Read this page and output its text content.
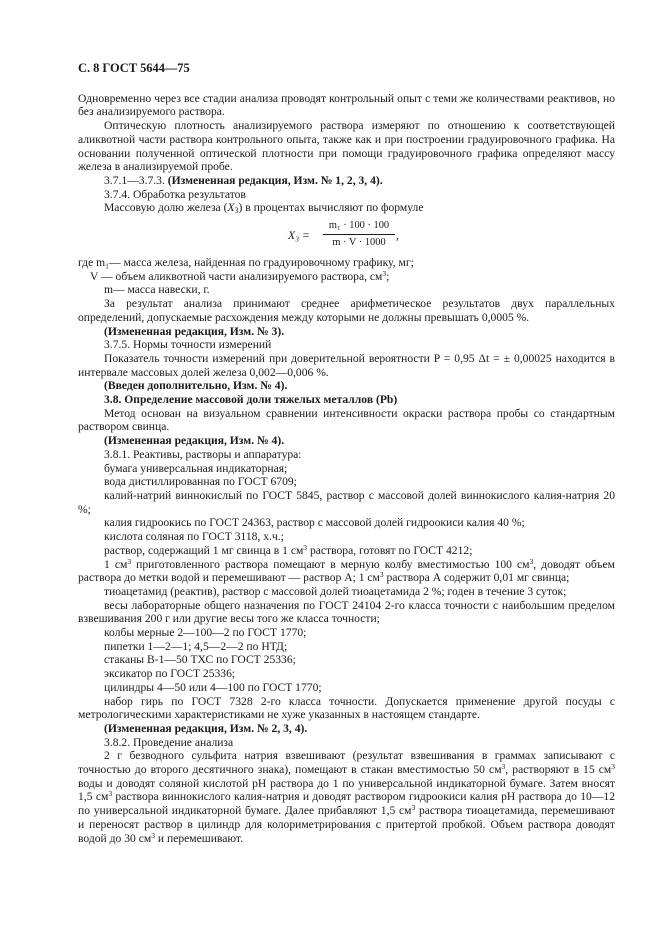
С. 8 ГОСТ 5644—75

Одновременно через все стадии анализа проводят контрольный опыт с теми же количествами реактивов, но без анализируемого раствора.

Оптическую плотность анализируемого раствора измеряют по отношению к соответствующей аликвотной части раствора контрольного опыта, также как и при построении градуировочного графика. На основании полученной оптической плотности при помощи градуировочного графика определяют массу железа в анализируемой пробе.

3.7.1—3.7.3. (Измененная редакция, Изм. № 1, 2, 3, 4).

3.7.4. Обработка результатов

Массовую долю железа $(X_3)$ в процентах вычисляют по формуле

$X_3 = \frac{\text{m₁ · 100 · 100}}{m \cdot V \cdot 1000}$ ,

где m₁— масса железа, найденная по градуировочному графику, мг;

V — объем аликвотной части анализируемого раствора, $см^3$;

m— масса навески, г.

За результат анализа принимают среднее арифметическое результатов двух параллельных определений, допускаемые расхождения между которыми не должны превышать 0,0005 %.

(Измененная редакция, Изм. № 3).

3.7.5. Нормы точности измерений

Показатель точности измерений при доверительной вероятности P = 0,95 Δt = ± 0,00025 находится в интервале массовых долей железа 0,002—0,006 %.

(Введен дополнительно, Изм. № 4).

3.8. Определение массовой доли тяжелых металлов (Pb)

Метод основан на визуальном сравнении интенсивности окраски раствора пробы со стандартным раствором свинца.

(Измененная редакция, Изм. № 4).

3.8.1. Реактивы, растворы и аппаратура:

бумага универсальная индикаторная;

вода дистиллированная по ГОСТ 6709;

калий-натрий виннокислый по ГОСТ 5845, раствор с массовой долей виннокислого калия-натрия 20 %;

калия гидроокись по ГОСТ 24363, раствор с массовой долей гидроокиси калия 40 %;

кислота соляная по ГОСТ 3118, х.ч.;

раствор, содержащий 1 мг свинца в 1 $см^3$ раствора, готовят по ГОСТ 4212;

1 $см^3$ приготовленного раствора помещают в мерную колбу вместимостью 100 $см^3$, доводят объем раствора до метки водой и перемешивают — раствор А; 1 $см^3$ раствора А содержит 0,01 мг свинца;

тиоацетамид (реактив), раствор с массовой долей тиоацетамида 2 %; годен в течение 3 суток;

весы лабораторные общего назначения по ГОСТ 24104 2-го класса точности с наибольшим пределом взвешивания 200 г или другие весы того же класса точности;

колбы мерные 2—100—2 по ГОСТ 1770;

пипетки 1—2—1; 4,5—2—2 по НТД;

стаканы В-1—50 ТХС по ГОСТ 25336;

эксикатор по ГОСТ 25336;

цилиндры 4—50 или 4—100 по ГОСТ 1770;

набор гирь по ГОСТ 7328 2-го класса точности. Допускается применение другой посуды с метрологическими характеристиками не хуже указанных в настоящем стандарте.

(Измененная редакция, Изм. № 2, 3, 4).

3.8.2. Проведение анализа

2 г безводного сульфита натрия взвешивают (результат взвешивания в граммах записывают с точностью до второго десятичного знака), помещают в стакан вместимостью 50 $см^3$, растворяют в 15 $см^3$ воды и доводят соляной кислотой pH раствора до 1 по универсальной индикаторной бумаге. Затем вносят 1,5 $см^3$ раствора виннокислого калия-натрия и доводят раствором гидроокиси калия pH раствора до 10—12 по универсальной индикаторной бумаге. Далее прибавляют 1,5 $см^3$ раствора тиоацетамида, перемешивают и переносят раствор в цилиндр для колориметрирования с притертой пробкой. Объем раствора доводят водой до 30 $см^3$ и перемешивают.
